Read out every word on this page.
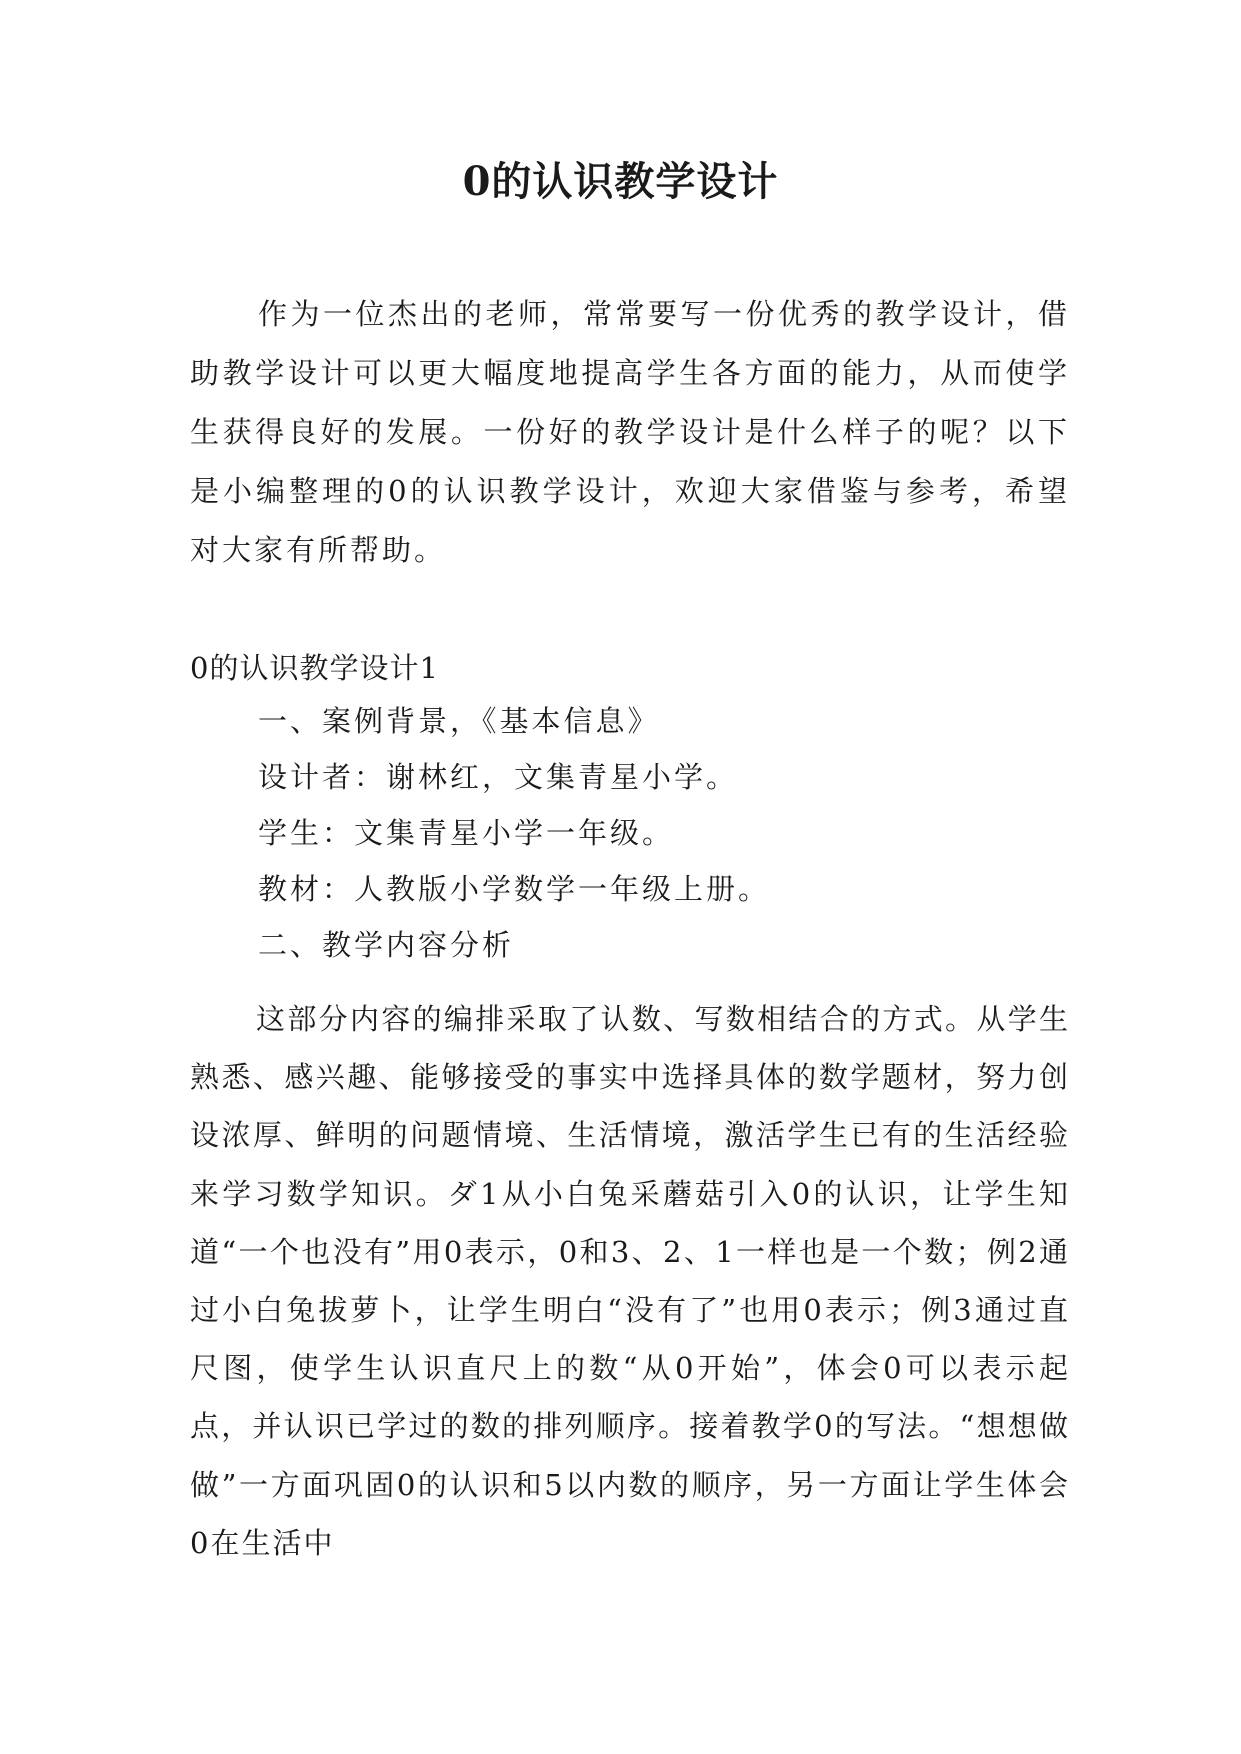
0的认识教学设计

作为一位杰出的老师，常常要写一份优秀的教学设计，借助教学设计可以更大幅度地提高学生各方面的能力，从而使学生获得良好的发展。一份好的教学设计是什么样子的呢？以下是小编整理的0的认识教学设计，欢迎大家借鉴与参考，希望对大家有所帮助。

0的认识教学设计1

一、案例背景，《基本信息》

设计者：谢林红，文集青星小学。

学生：文集青星小学一年级。

教材：人教版小学数学一年级上册。

二、教学内容分析

这部分内容的编排采取了认数、写数相结合的方式。从学生熟悉、感兴趣、能够接受的事实中选择具体的数学题材，努力创设浓厚、鲜明的问题情境、生活情境，激活学生已有的生活经验来学习数学知识。ダ1从小白兔采蘑菇引入0的认识，让学生知道“一个也没有”用0表示，0和3、2、1一样也是一个数；例2通过小白兔拔萝卜，让学生明白“没有了”也用0表示；例3通过直尺图，使学生认识直尺上的数“从0开始”，体会0可以表示起点，并认识已学过的数的排列顺序。接着教学0的写法。“想想做做”一方面巩固0的认识和5以内数的顺序，另一方面让学生体会0在生活中
